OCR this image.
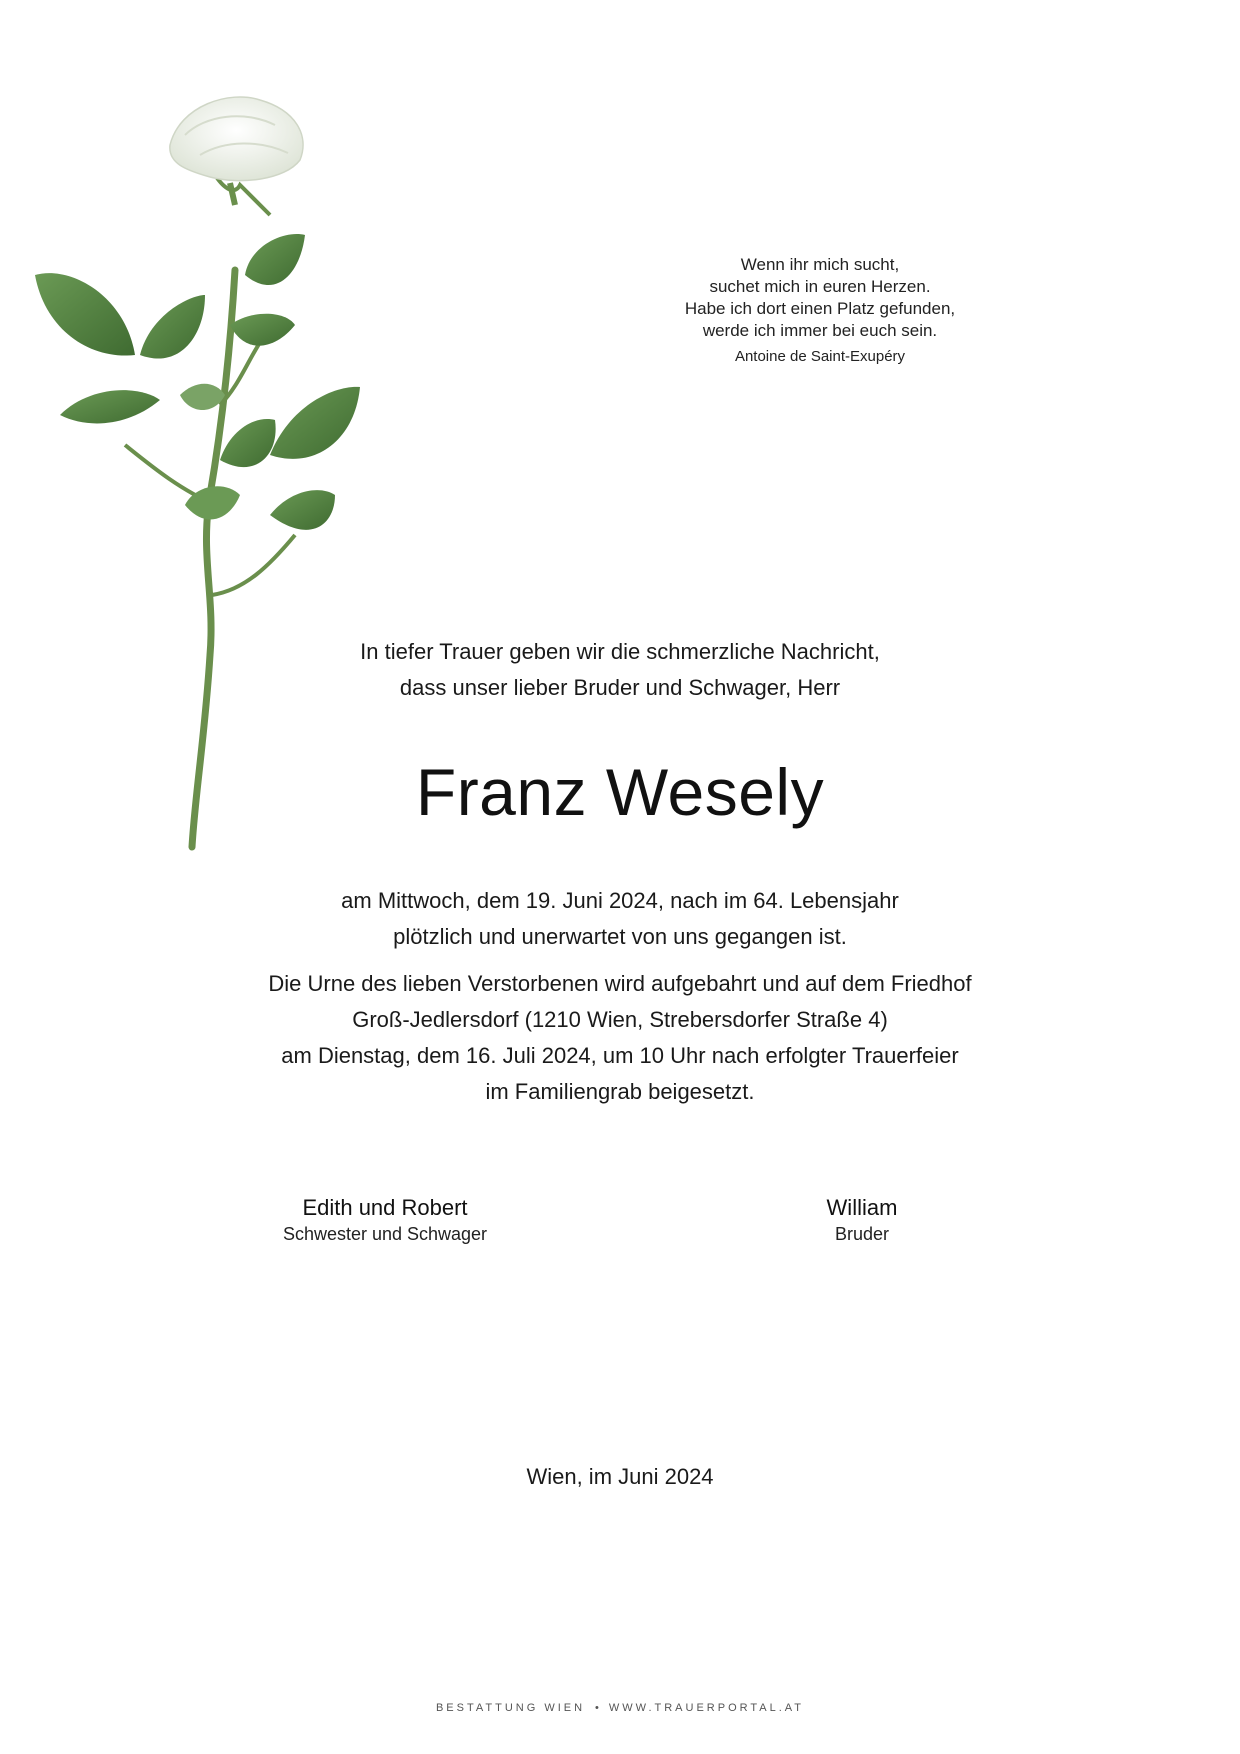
Wenn ihr mich sucht,
suchet mich in euren Herzen.
Habe ich dort einen Platz gefunden,
werde ich immer bei euch sein.
Antoine de Saint-Exupéry
In tiefer Trauer geben wir die schmerzliche Nachricht,
dass unser lieber Bruder und Schwager, Herr
Franz Wesely
am Mittwoch, dem 19. Juni 2024, nach im 64. Lebensjahr
plötzlich und unerwartet von uns gegangen ist.
Die Urne des lieben Verstorbenen wird aufgebahrt und auf dem Friedhof
Groß-Jedlersdorf (1210 Wien, Strebersdorfer Straße 4)
am Dienstag, dem 16. Juli 2024, um 10 Uhr nach erfolgter Trauerfeier
im Familiengrab beigesetzt.
Edith und Robert
Schwester und Schwager
William
Bruder
Wien, im Juni 2024
BESTATTUNG WIEN • WWW.TRAUERPORTAL.AT
